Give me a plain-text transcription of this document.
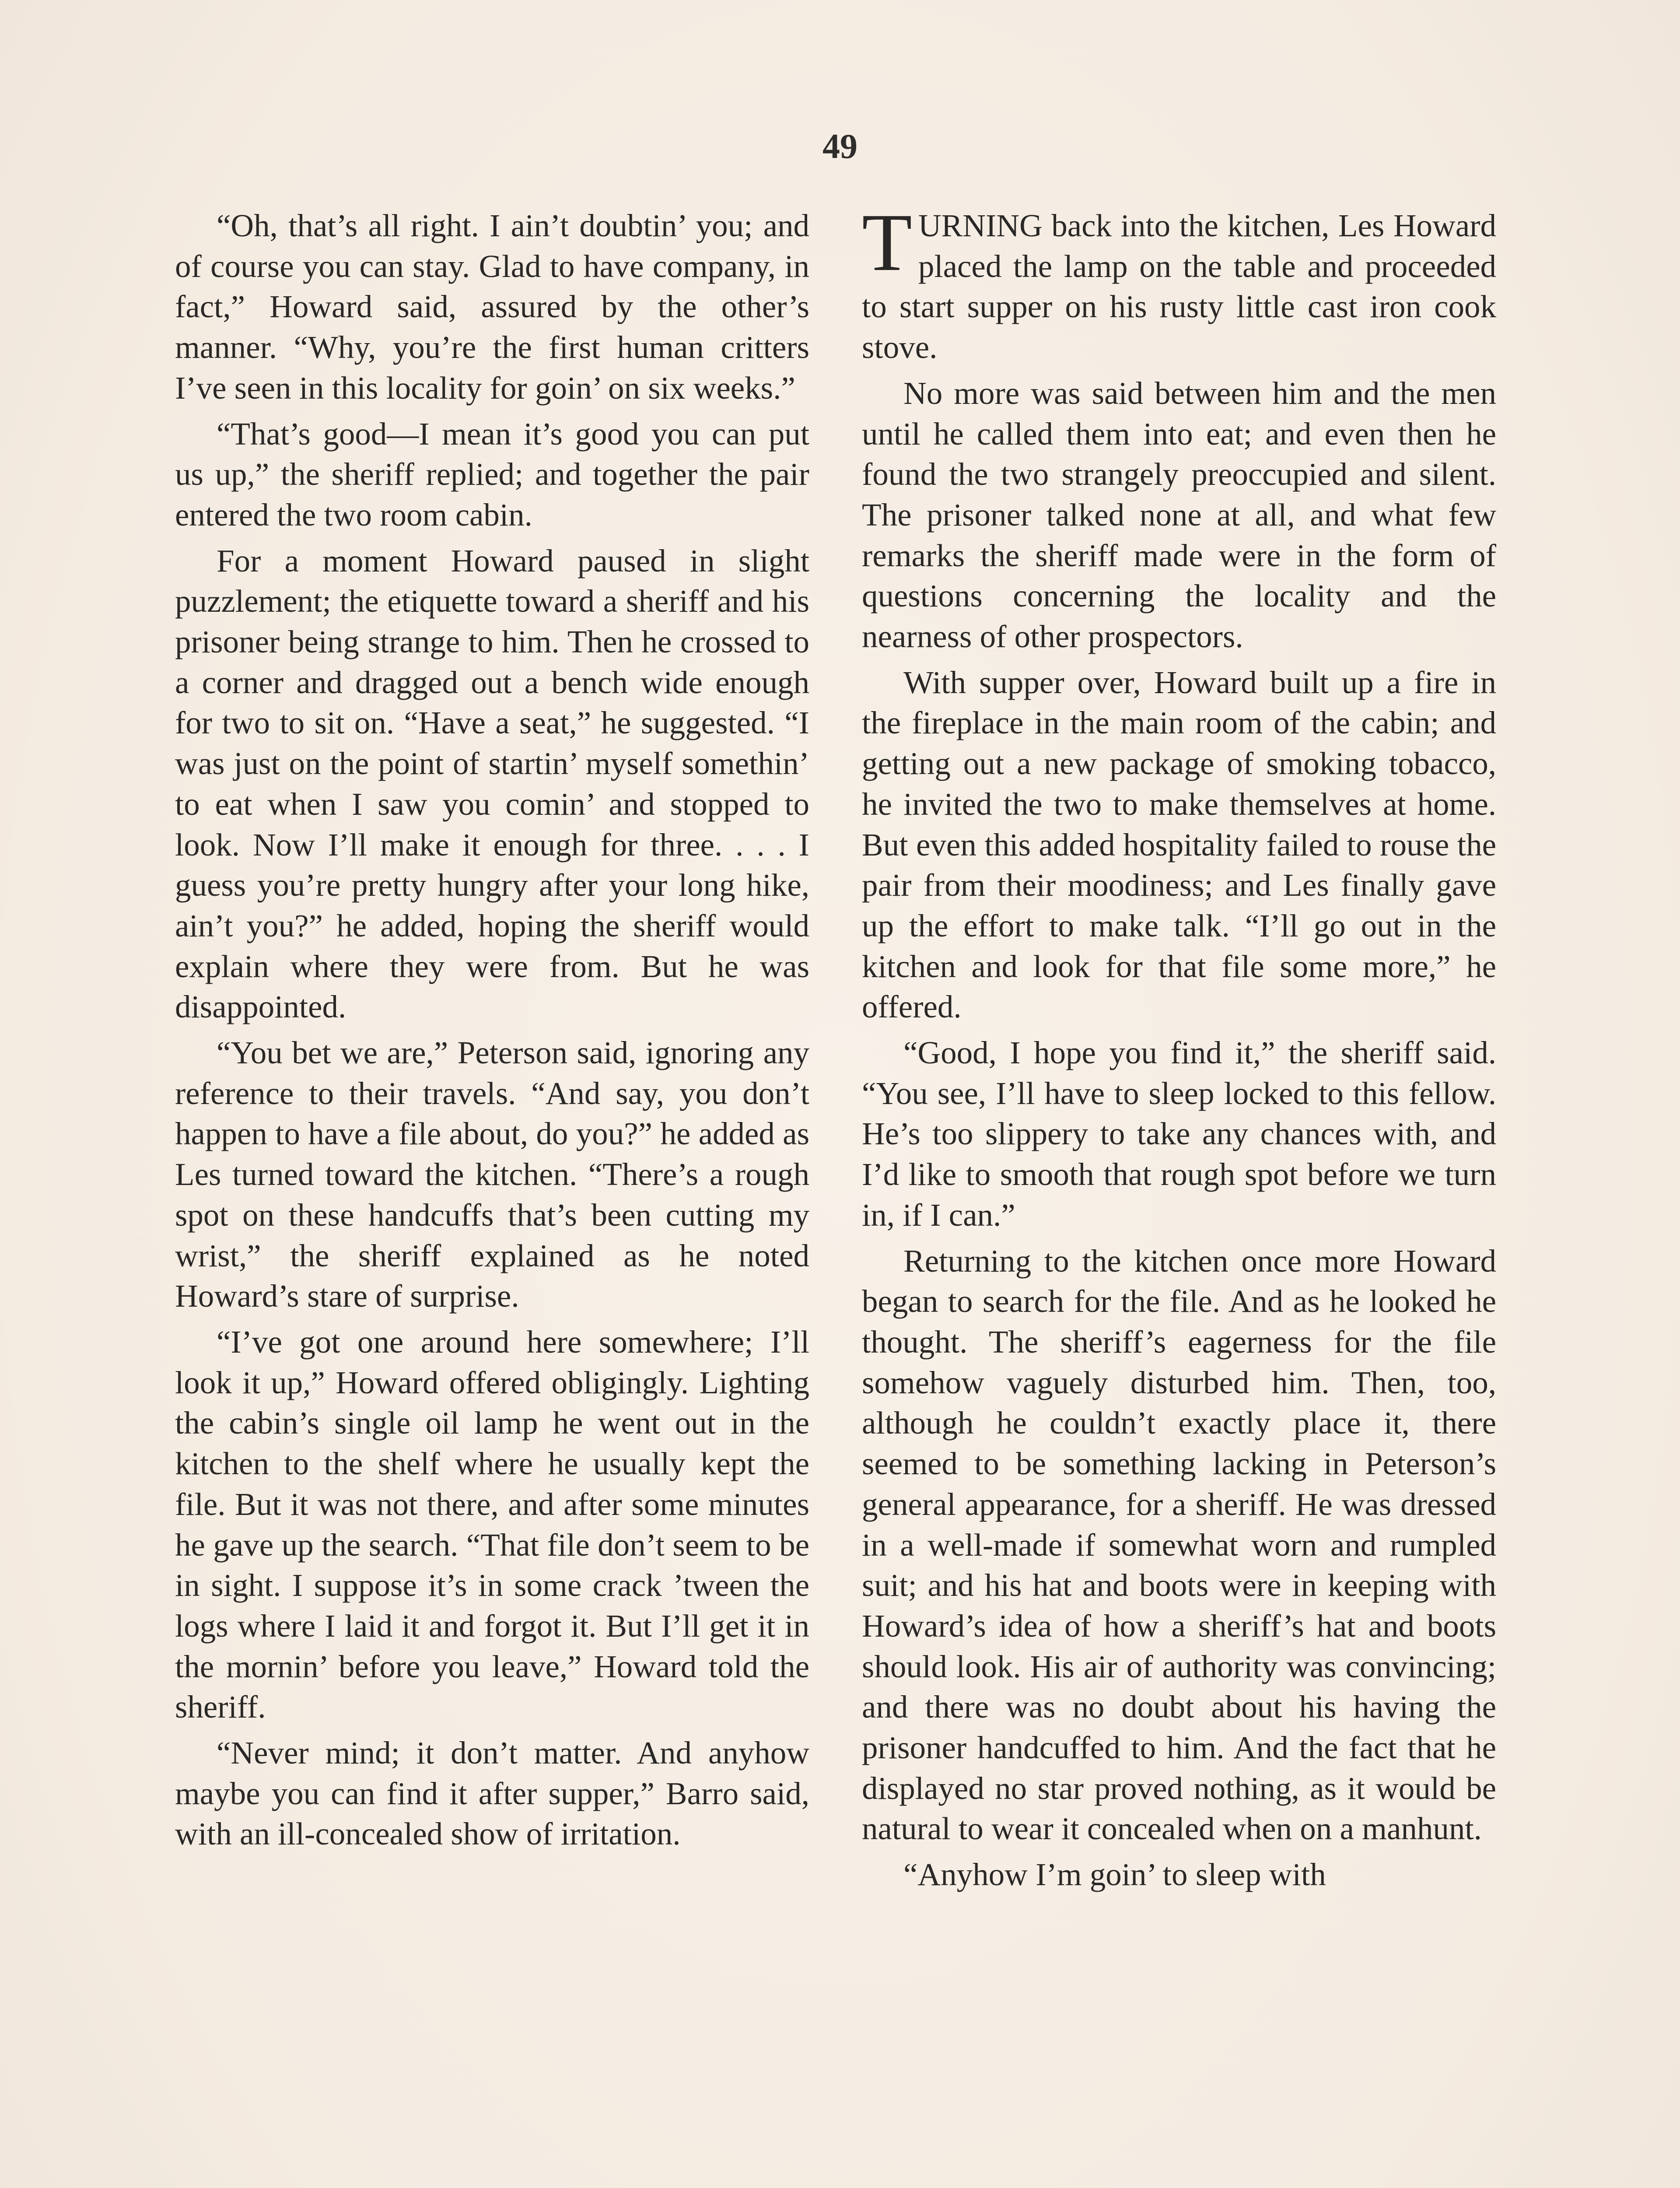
49

“Oh, that’s all right. I ain’t doubtin’ you; and of course you can stay. Glad to have company, in fact,” Howard said, assured by the other’s manner. “Why, you’re the first human critters I’ve seen in this locality for goin’ on six weeks.”

“That’s good—I mean it’s good you can put us up,” the sheriff replied; and together the pair entered the two room cabin.

For a moment Howard paused in slight puzzlement; the etiquette toward a sheriff and his prisoner being strange to him. Then he crossed to a corner and dragged out a bench wide enough for two to sit on. “Have a seat,” he suggested. “I was just on the point of startin’ myself somethin’ to eat when I saw you comin’ and stopped to look. Now I’ll make it enough for three. . . . I guess you’re pretty hungry after your long hike, ain’t you?” he added, hoping the sheriff would explain where they were from. But he was disappointed.

“You bet we are,” Peterson said, ignoring any reference to their travels. “And say, you don’t happen to have a file about, do you?” he added as Les turned toward the kitchen. “There’s a rough spot on these handcuffs that’s been cutting my wrist,” the sheriff explained as he noted Howard’s stare of surprise.

“I’ve got one around here somewhere; I’ll look it up,” Howard offered obligingly. Lighting the cabin’s single oil lamp he went out in the kitchen to the shelf where he usually kept the file. But it was not there, and after some minutes he gave up the search. “That file don’t seem to be in sight. I suppose it’s in some crack ’tween the logs where I laid it and forgot it. But I’ll get it in the mornin’ before you leave,” Howard told the sheriff.

“Never mind; it don’t matter. And anyhow maybe you can find it after supper,” Barro said, with an ill-concealed show of irritation.

TURNING back into the kitchen, Les Howard placed the lamp on the table and proceeded to start supper on his rusty little cast iron cook stove.

No more was said between him and the men until he called them into eat; and even then he found the two strangely preoccupied and silent. The prisoner talked none at all, and what few remarks the sheriff made were in the form of questions concerning the locality and the nearness of other prospectors.

With supper over, Howard built up a fire in the fireplace in the main room of the cabin; and getting out a new package of smoking tobacco, he invited the two to make themselves at home. But even this added hospitality failed to rouse the pair from their moodiness; and Les finally gave up the effort to make talk. “I’ll go out in the kitchen and look for that file some more,” he offered.

“Good, I hope you find it,” the sheriff said. “You see, I’ll have to sleep locked to this fellow. He’s too slippery to take any chances with, and I’d like to smooth that rough spot before we turn in, if I can.”

Returning to the kitchen once more Howard began to search for the file. And as he looked he thought. The sheriff’s eagerness for the file somehow vaguely disturbed him. Then, too, although he couldn’t exactly place it, there seemed to be something lacking in Peterson’s general appearance, for a sheriff. He was dressed in a well-made if somewhat worn and rumpled suit; and his hat and boots were in keeping with Howard’s idea of how a sheriff’s hat and boots should look. His air of authority was convincing; and there was no doubt about his having the prisoner handcuffed to him. And the fact that he displayed no star proved nothing, as it would be natural to wear it concealed when on a manhunt.

“Anyhow I’m goin’ to sleep with
